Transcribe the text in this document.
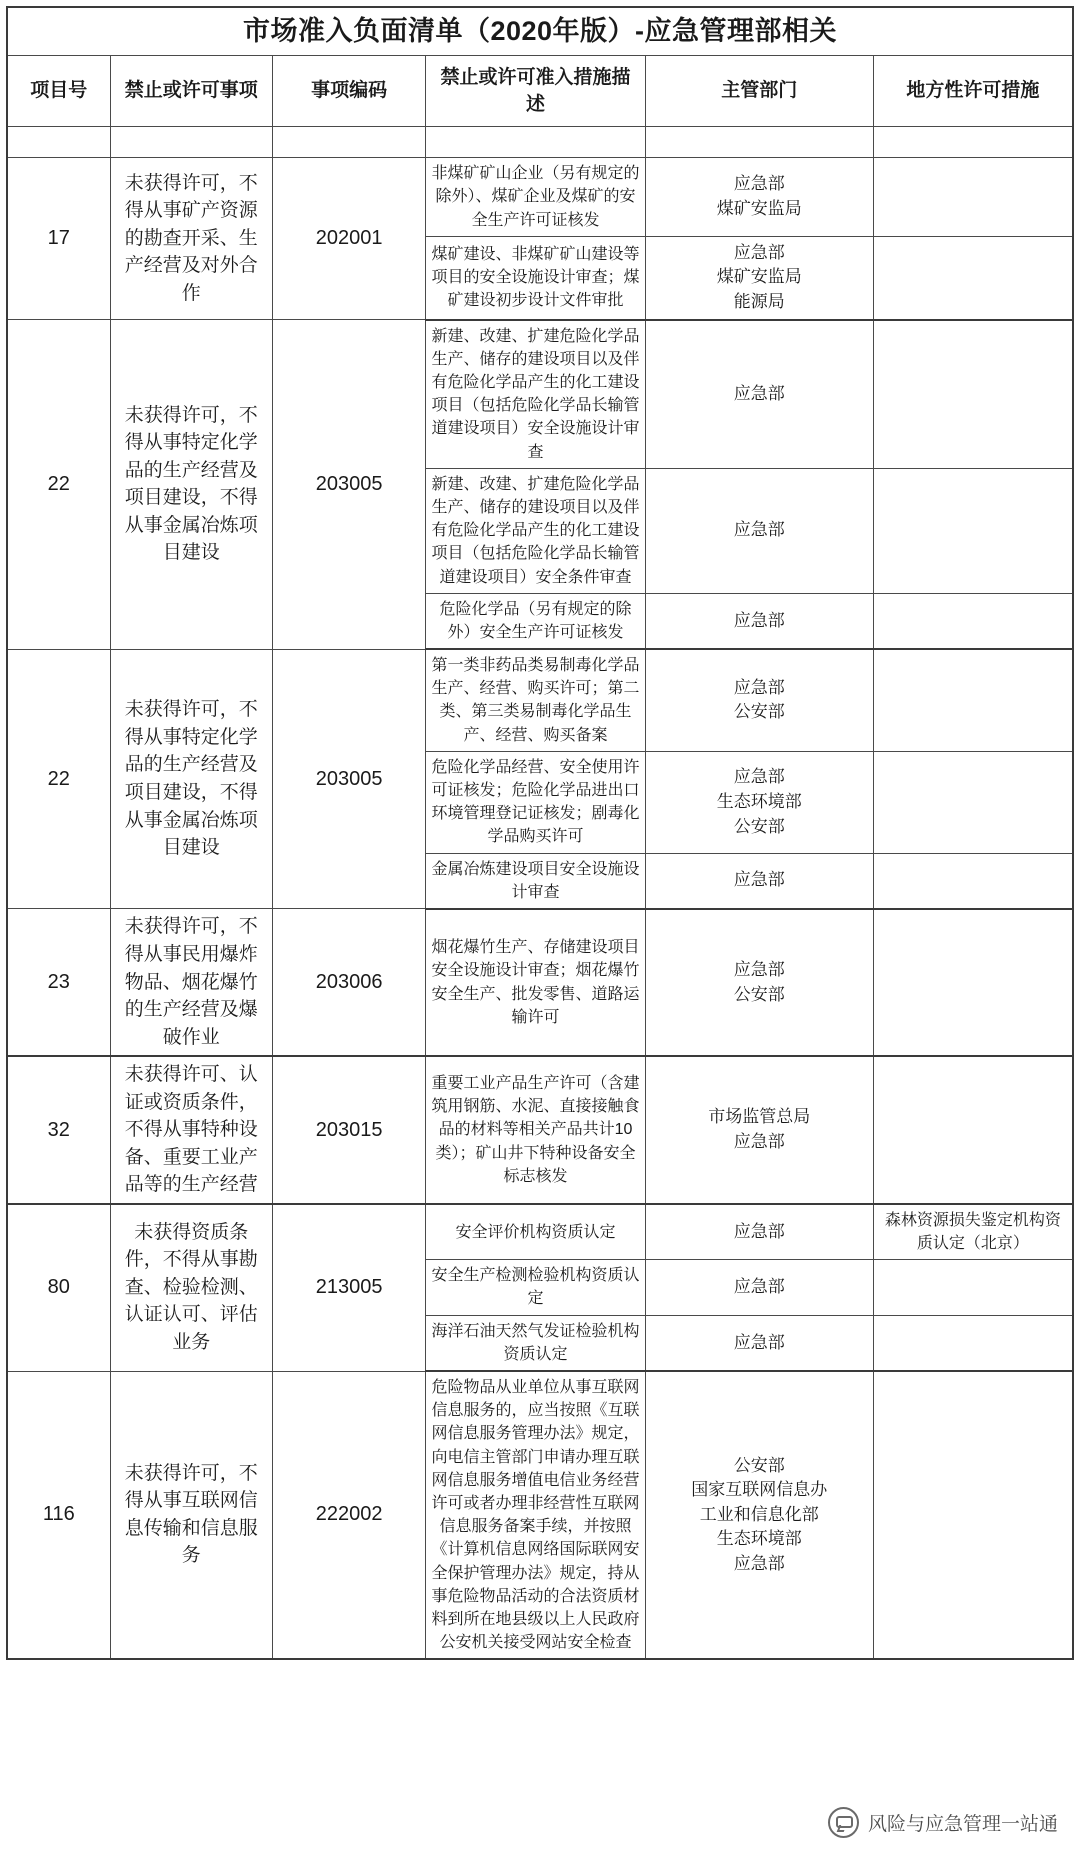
市场准入负面清单（2020年版）-应急管理部相关					
项目号	禁止或许可事项	事项编码	禁止或许可准入措施描述	主管部门	地方性许可措施

17	未获得许可，不得从事矿产资源的勘查开采、生产经营及对外合作	202001	非煤矿矿山企业（另有规定的除外）、煤矿企业及煤矿的安全生产许可证核发	应急部
煤矿安监局	
			煤矿建设、非煤矿矿山建设等项目的安全设施设计审查；煤矿建设初步设计文件审批	应急部
煤矿安监局
能源局	
22	未获得许可，不得从事特定化学品的生产经营及项目建设，不得从事金属冶炼项目建设	203005	新建、改建、扩建危险化学品生产、储存的建设项目以及伴有危险化学品产生的化工建设项目（包括危险化学品长输管道建设项目）安全设施设计审查	应急部	
			新建、改建、扩建危险化学品生产、储存的建设项目以及伴有危险化学品产生的化工建设项目（包括危险化学品长输管道建设项目）安全条件审查	应急部	
			危险化学品（另有规定的除外）安全生产许可证核发	应急部	
22	未获得许可，不得从事特定化学品的生产经营及项目建设，不得从事金属冶炼项目建设	203005	第一类非药品类易制毒化学品生产、经营、购买许可；第二类、第三类易制毒化学品生产、经营、购买备案	应急部
公安部	
			危险化学品经营、安全使用许可证核发；危险化学品进出口环境管理登记证核发；剧毒化学品购买许可	应急部
生态环境部
公安部	
			金属冶炼建设项目安全设施设计审查	应急部	
23	未获得许可，不得从事民用爆炸物品、烟花爆竹的生产经营及爆破作业	203006	烟花爆竹生产、存储建设项目安全设施设计审查；烟花爆竹安全生产、批发零售、道路运输许可	应急部
公安部	
32	未获得许可、认证或资质条件，不得从事特种设备、重要工业产品等的生产经营	203015	重要工业产品生产许可（含建筑用钢筋、水泥、直接接触食品的材料等相关产品共计10类）；矿山井下特种设备安全标志核发	市场监管总局
应急部	
80	未获得资质条件，不得从事勘查、检验检测、认证认可、评估业务	213005	安全评价机构资质认定	应急部	森林资源损失鉴定机构资质认定（北京）
			安全生产检测检验机构资质认定	应急部	
			海洋石油天然气发证检验机构资质认定	应急部	
116	未获得许可，不得从事互联网信息传输和信息服务	222002	危险物品从业单位从事互联网信息服务的，应当按照《互联网信息服务管理办法》规定，向电信主管部门申请办理互联网信息服务增值电信业务经营许可或者办理非经营性互联网信息服务备案手续，并按照《计算机信息网络国际联网安全保护管理办法》规定，持从事危险物品活动的合法资质材料到所在地县级以上人民政府公安机关接受网站安全检查	公安部
国家互联网信息办
工业和信息化部
生态环境部
应急部	
风险与应急管理一站通
